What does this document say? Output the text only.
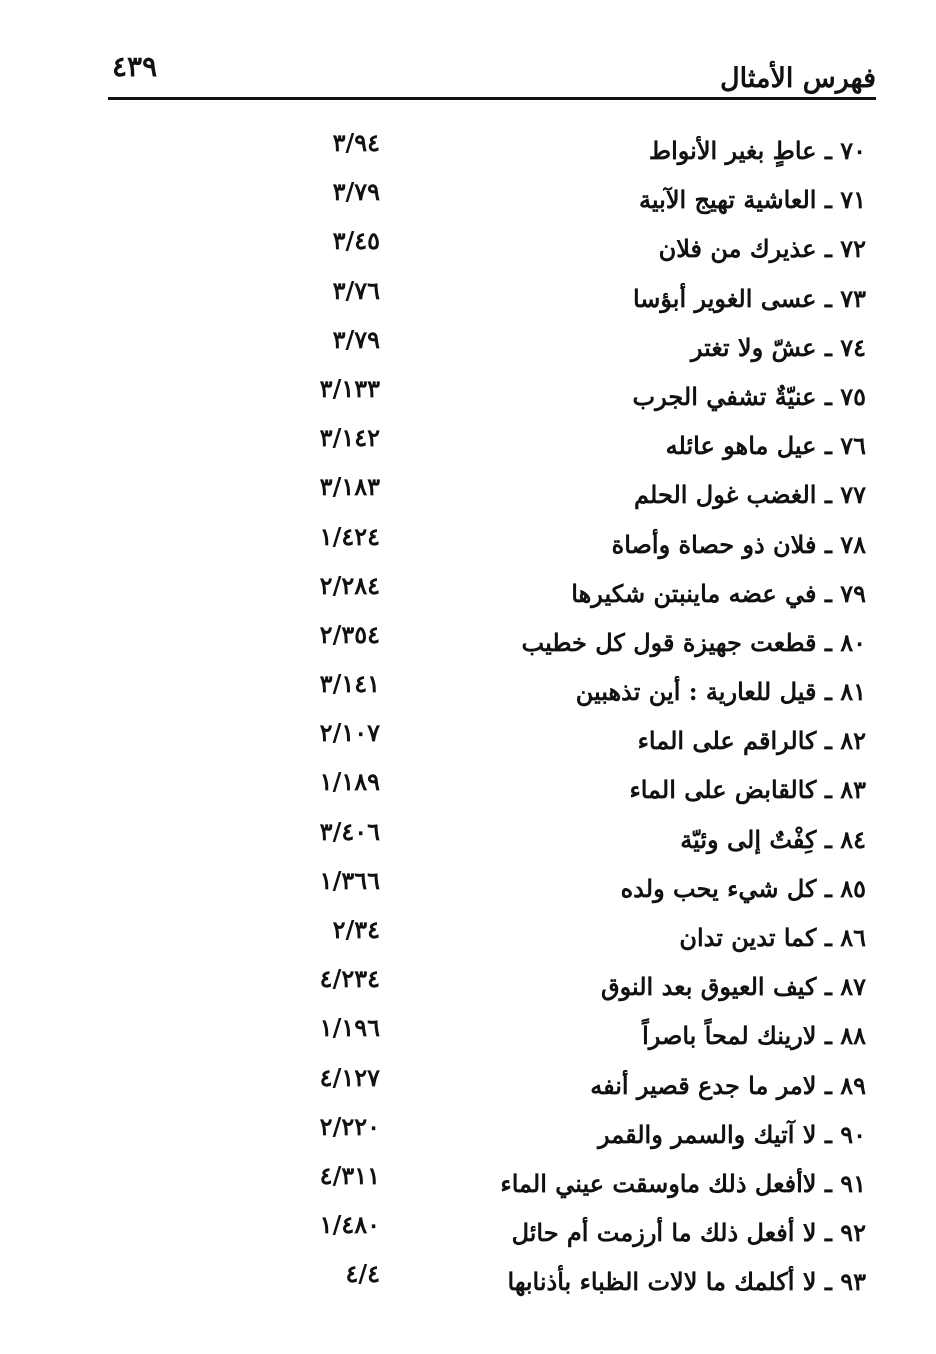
٤٣٩	فهرس الأمثال
٧٠ ـ عاطٍ بغير الأنواط
٣/٩٤
٧١ ـ العاشية تهيج الآبية
٣/٧٩
٧٢ ـ عذيرك من فلان
٣/٤٥
٧٣ ـ عسى الغوير أبؤسا
٣/٧٦
٧٤ ـ عشّ ولا تغتر
٣/٧٩
٧٥ ـ عنيّةٌ تشفي الجرب
٣/١٣٣
٧٦ ـ عيل ماهو عائله
٣/١٤٢
٧٧ ـ الغضب غول الحلم
٣/١٨٣
٧٨ ـ فلان ذو حصاة وأصاة
١/٤٢٤
٧٩ ـ في عضه ماينبتن شكيرها
٢/٢٨٤
٨٠ ـ قطعت جهيزة قول كل خطيب
٢/٣٥٤
٨١ ـ قيل للعارية : أين تذهبين
٣/١٤١
٨٢ ـ كالراقم على الماء
٢/١٠٧
٨٣ ـ كالقابض على الماء
١/١٨٩
٨٤ ـ كِفْتٌ إلى وئيّة
٣/٤٠٦
٨٥ ـ كل شيء يحب ولده
١/٣٦٦
٨٦ ـ كما تدين تدان
٢/٣٤
٨٧ ـ كيف العيوق بعد النوق
٤/٢٣٤
٨٨ ـ لارينك لمحاً باصراً
١/١٩٦
٨٩ ـ لامر ما جدع قصير أنفه
٤/١٢٧
٩٠ ـ لا آتيك والسمر والقمر
٢/٢٢٠
٩١ ـ لاأفعل ذلك ماوسقت عيني الماء
٤/٣١١
٩٢ ـ لا أفعل ذلك ما أرزمت أم حائل
١/٤٨٠
٩٣ ـ لا أكلمك ما لالات الظباء بأذنابها
٤/٤
